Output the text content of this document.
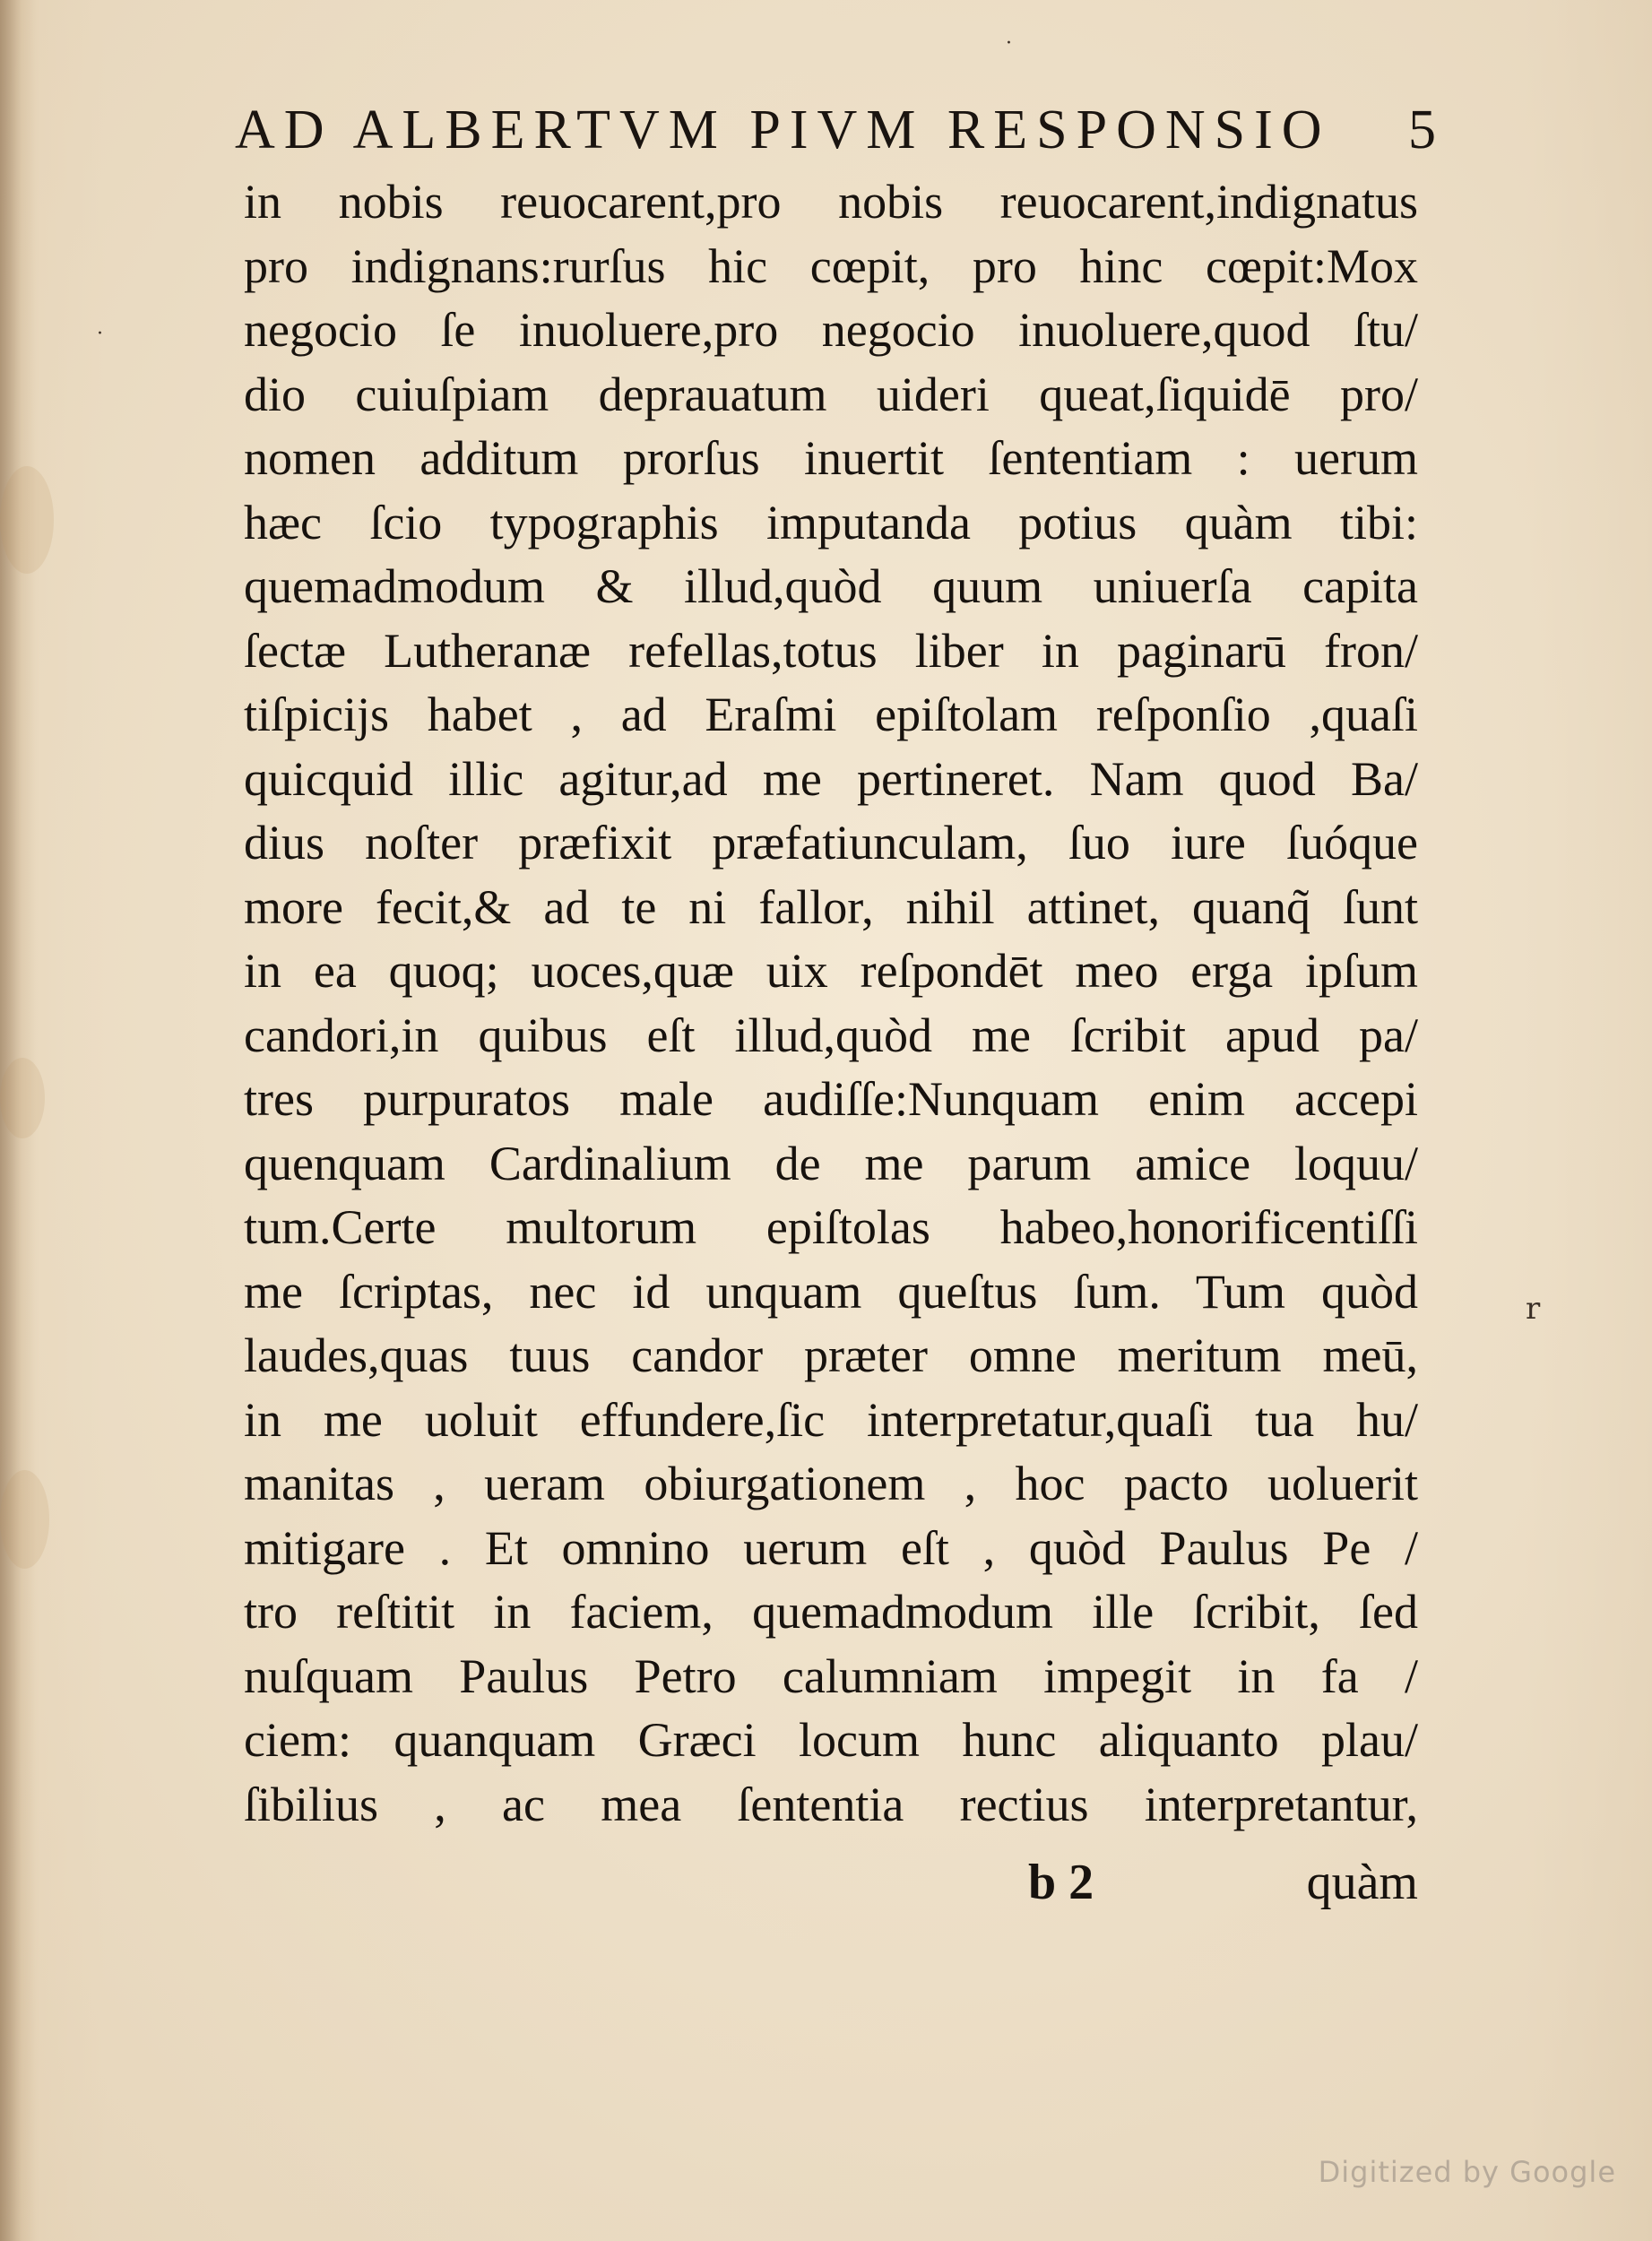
·
·
r
AD ALBERTVM PIVM RESPONSIO 5
in nobis reuocarent,pro nobis reuocarent,indignatus
pro indignans:rurſus hic cœpit, pro hinc cœpit:Mox
negocio ſe inuoluere,pro negocio inuoluere,quod ſtu/
dio cuiuſpiam deprauatum uideri queat,ſiquidē pro/
nomen additum prorſus inuertit ſententiam : uerum
hæc ſcio typographis imputanda potius quàm tibi:
quemadmodum & illud,quòd quum uniuerſa capita
ſectæ Lutheranæ refellas,totus liber in paginarū fron/
tiſpicijs habet , ad Eraſmi epiſtolam reſponſio ,quaſi
quicquid illic agitur,ad me pertineret. Nam quod Ba/
dius noſter præfixit præfatiunculam, ſuo iure ſuóque
more fecit,& ad te ni fallor, nihil attinet, quanq̃ ſunt
in ea quoq; uoces,quæ uix reſpondēt meo erga ipſum
candori,in quibus eſt illud,quòd me ſcribit apud pa/
tres purpuratos male audiſſe:Nunquam enim accepi
quenquam Cardinalium de me parum amice loquu/
tum.Certe multorum epiſtolas habeo,honorificentiſſi
me ſcriptas, nec id unquam queſtus ſum. Tum quòd
laudes,quas tuus candor præter omne meritum meū,
in me uoluit effundere,ſic interpretatur,quaſi tua hu/
manitas , ueram obiurgationem , hoc pacto uoluerit
mitigare . Et omnino uerum eſt , quòd Paulus Pe /
tro reſtitit in faciem, quemadmodum ille ſcribit, ſed
nuſquam Paulus Petro calumniam impegit in fa /
ciem: quanquam Græci locum hunc aliquanto plau/
ſibilius , ac mea ſententia rectius interpretantur,
b 2	quàm
Digitized by Google
